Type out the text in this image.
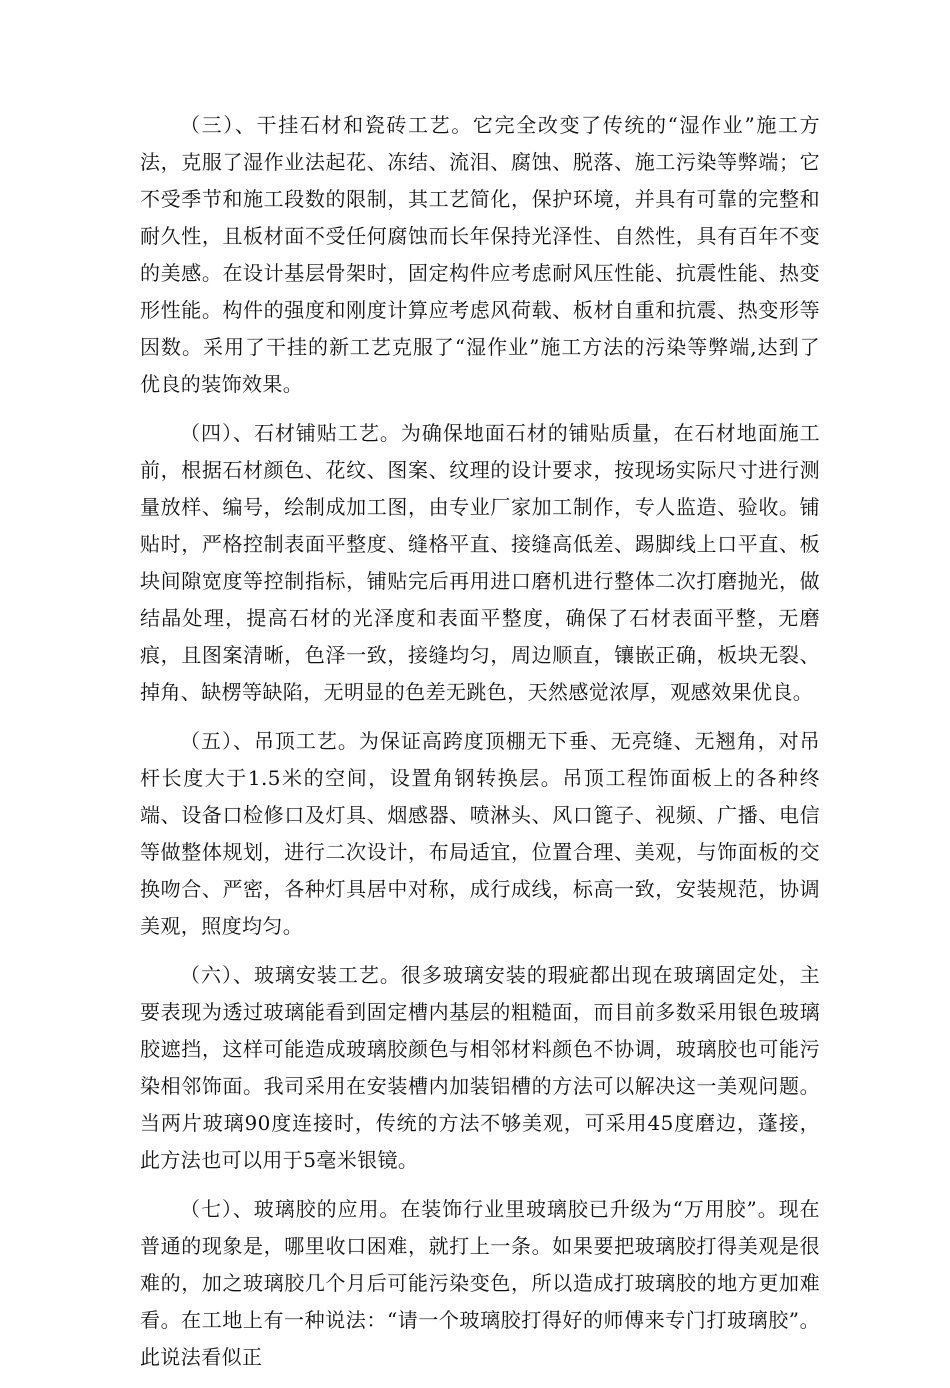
（三）、干挂石材和瓷砖工艺。它完全改变了传统的“湿作业”施工方法，克服了湿作业法起花、冻结、流泪、腐蚀、脱落、施工污染等弊端；它不受季节和施工段数的限制，其工艺简化，保护环境，并具有可靠的完整和耐久性，且板材面不受任何腐蚀而长年保持光泽性、自然性，具有百年不变的美感。在设计基层骨架时，固定构件应考虑耐风压性能、抗震性能、热变形性能。构件的强度和刚度计算应考虑风荷载、板材自重和抗震、热变形等因数。采用了干挂的新工艺克服了“湿作业”施工方法的污染等弊端,达到了优良的装饰效果。

（四）、石材铺贴工艺。为确保地面石材的铺贴质量，在石材地面施工前，根据石材颜色、花纹、图案、纹理的设计要求，按现场实际尺寸进行测量放样、编号，绘制成加工图，由专业厂家加工制作，专人监造、验收。铺贴时，严格控制表面平整度、缝格平直、接缝高低差、踢脚线上口平直、板块间隙宽度等控制指标，铺贴完后再用进口磨机进行整体二次打磨抛光，做结晶处理，提高石材的光泽度和表面平整度，确保了石材表面平整，无磨痕，且图案清晰，色泽一致，接缝均匀，周边顺直，镶嵌正确，板块无裂、掉角、缺楞等缺陷，无明显的色差无跳色，天然感觉浓厚，观感效果优良。

（五）、吊顶工艺。为保证高跨度顶棚无下垂、无亮缝、无翘角，对吊杆长度大于1.5米的空间，设置角钢转换层。吊顶工程饰面板上的各种终端、设备口检修口及灯具、烟感器、喷淋头、风口篦子、视频、广播、电信等做整体规划，进行二次设计，布局适宜，位置合理、美观，与饰面板的交换吻合、严密，各种灯具居中对称，成行成线，标高一致，安装规范，协调美观，照度均匀。

（六）、玻璃安装工艺。很多玻璃安装的瑕疵都出现在玻璃固定处，主要表现为透过玻璃能看到固定槽内基层的粗糙面，而目前多数采用银色玻璃胶遮挡，这样可能造成玻璃胶颜色与相邻材料颜色不协调，玻璃胶也可能污染相邻饰面。我司采用在安装槽内加装铝槽的方法可以解决这一美观问题。当两片玻璃90度连接时，传统的方法不够美观，可采用45度磨边，蓬接，此方法也可以用于5毫米银镜。

（七）、玻璃胶的应用。在装饰行业里玻璃胶已升级为“万用胶”。现在普通的现象是，哪里收口困难，就打上一条。如果要把玻璃胶打得美观是很难的，加之玻璃胶几个月后可能污染变色，所以造成打玻璃胶的地方更加难看。在工地上有一种说法：“请一个玻璃胶打得好的师傅来专门打玻璃胶”。此说法看似正
